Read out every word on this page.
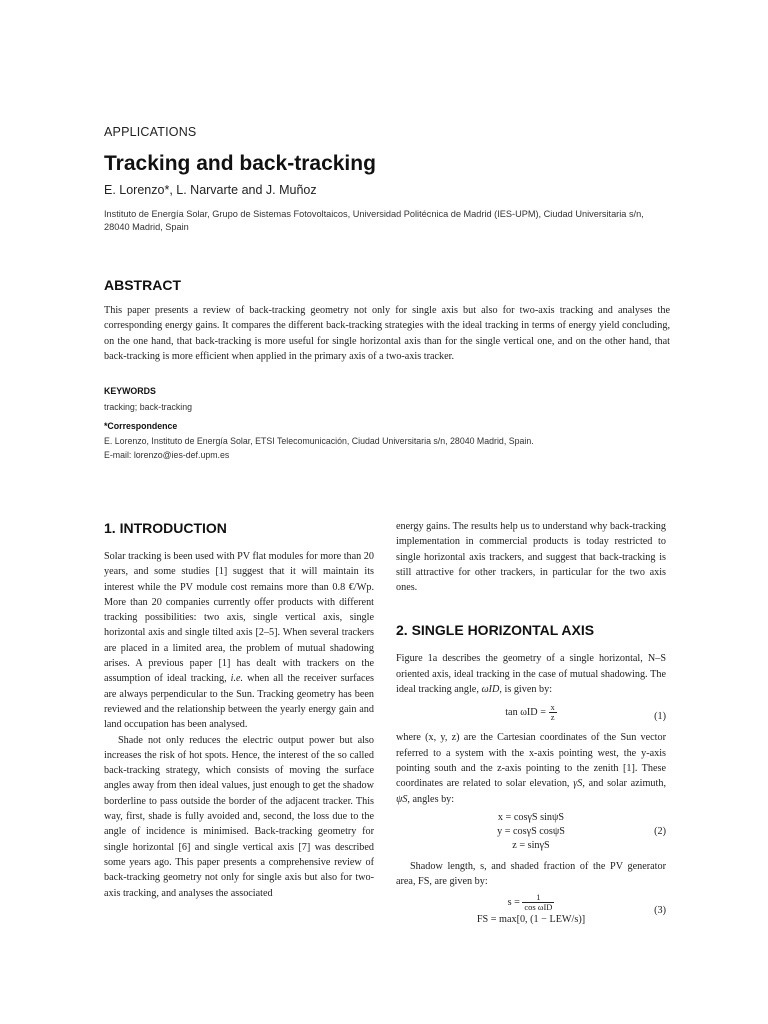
APPLICATIONS
Tracking and back-tracking
E. Lorenzo*, L. Narvarte and J. Muñoz
Instituto de Energía Solar, Grupo de Sistemas Fotovoltaicos, Universidad Politécnica de Madrid (IES-UPM), Ciudad Universitaria s/n,
28040 Madrid, Spain
ABSTRACT
This paper presents a review of back-tracking geometry not only for single axis but also for two-axis tracking and analyses the corresponding energy gains. It compares the different back-tracking strategies with the ideal tracking in terms of energy yield concluding, on the one hand, that back-tracking is more useful for single horizontal axis than for the single vertical one, and on the other hand, that back-tracking is more efficient when applied in the primary axis of a two-axis tracker.
KEYWORDS
tracking; back-tracking
*Correspondence
E. Lorenzo, Instituto de Energía Solar, ETSI Telecomunicación, Ciudad Universitaria s/n, 28040 Madrid, Spain.
E-mail: lorenzo@ies-def.upm.es
1. INTRODUCTION

Solar tracking is been used with PV flat modules for more than 20 years, and some studies [1] suggest that it will maintain its interest while the PV module cost remains more than 0.8 €/Wp. More than 20 companies currently offer products with different tracking possibilities: two axis, single vertical axis, single horizontal axis and single tilted axis [2–5]. When several trackers are placed in a limited area, the problem of mutual shadowing arises. A previous paper [1] has dealt with trackers on the assumption of ideal tracking, i.e. when all the receiver surfaces are always perpendicular to the Sun. Tracking geometry has been reviewed and the relationship between the yearly energy gain and land occupation has been analysed.

Shade not only reduces the electric output power but also increases the risk of hot spots. Hence, the interest of the so called back-tracking strategy, which consists of moving the surface angles away from then ideal values, just enough to get the shadow borderline to pass outside the border of the adjacent tracker. This way, first, shade is fully avoided and, second, the loss due to the angle of incidence is minimised. Back-tracking geometry for single horizontal [6] and single vertical axis [7] was described some years ago. This paper presents a comprehensive review of back-tracking geometry not only for single axis but also for two-axis tracking, and analyses the associated

energy gains. The results help us to understand why back-tracking implementation in commercial products is today restricted to single horizontal axis trackers, and suggest that back-tracking is still attractive for other trackers, in particular for the two axis ones.

2. SINGLE HORIZONTAL AXIS

Figure 1a describes the geometry of a single horizontal, N–S oriented axis, ideal tracking in the case of mutual shadowing. The ideal tracking angle, ωID, is given by:

$\tan \omega ID = \frac{x}{z}$	(1)

where (x, y, z) are the Cartesian coordinates of the Sun vector referred to a system with the x-axis pointing west, the y-axis pointing south and the z-axis pointing to the zenith [1]. These coordinates are related to solar elevation, γS, and solar azimuth, ψS, angles by:

x = cosγS sinψS
y = cosγS cosψS
z = sinγS
(2)

Shadow length, s, and shaded fraction of the PV generator area, FS, are given by:

$s = \frac{1}{\text{cos ωID}}$
FS = max[0, (1 − LEW/s)]
(3)
